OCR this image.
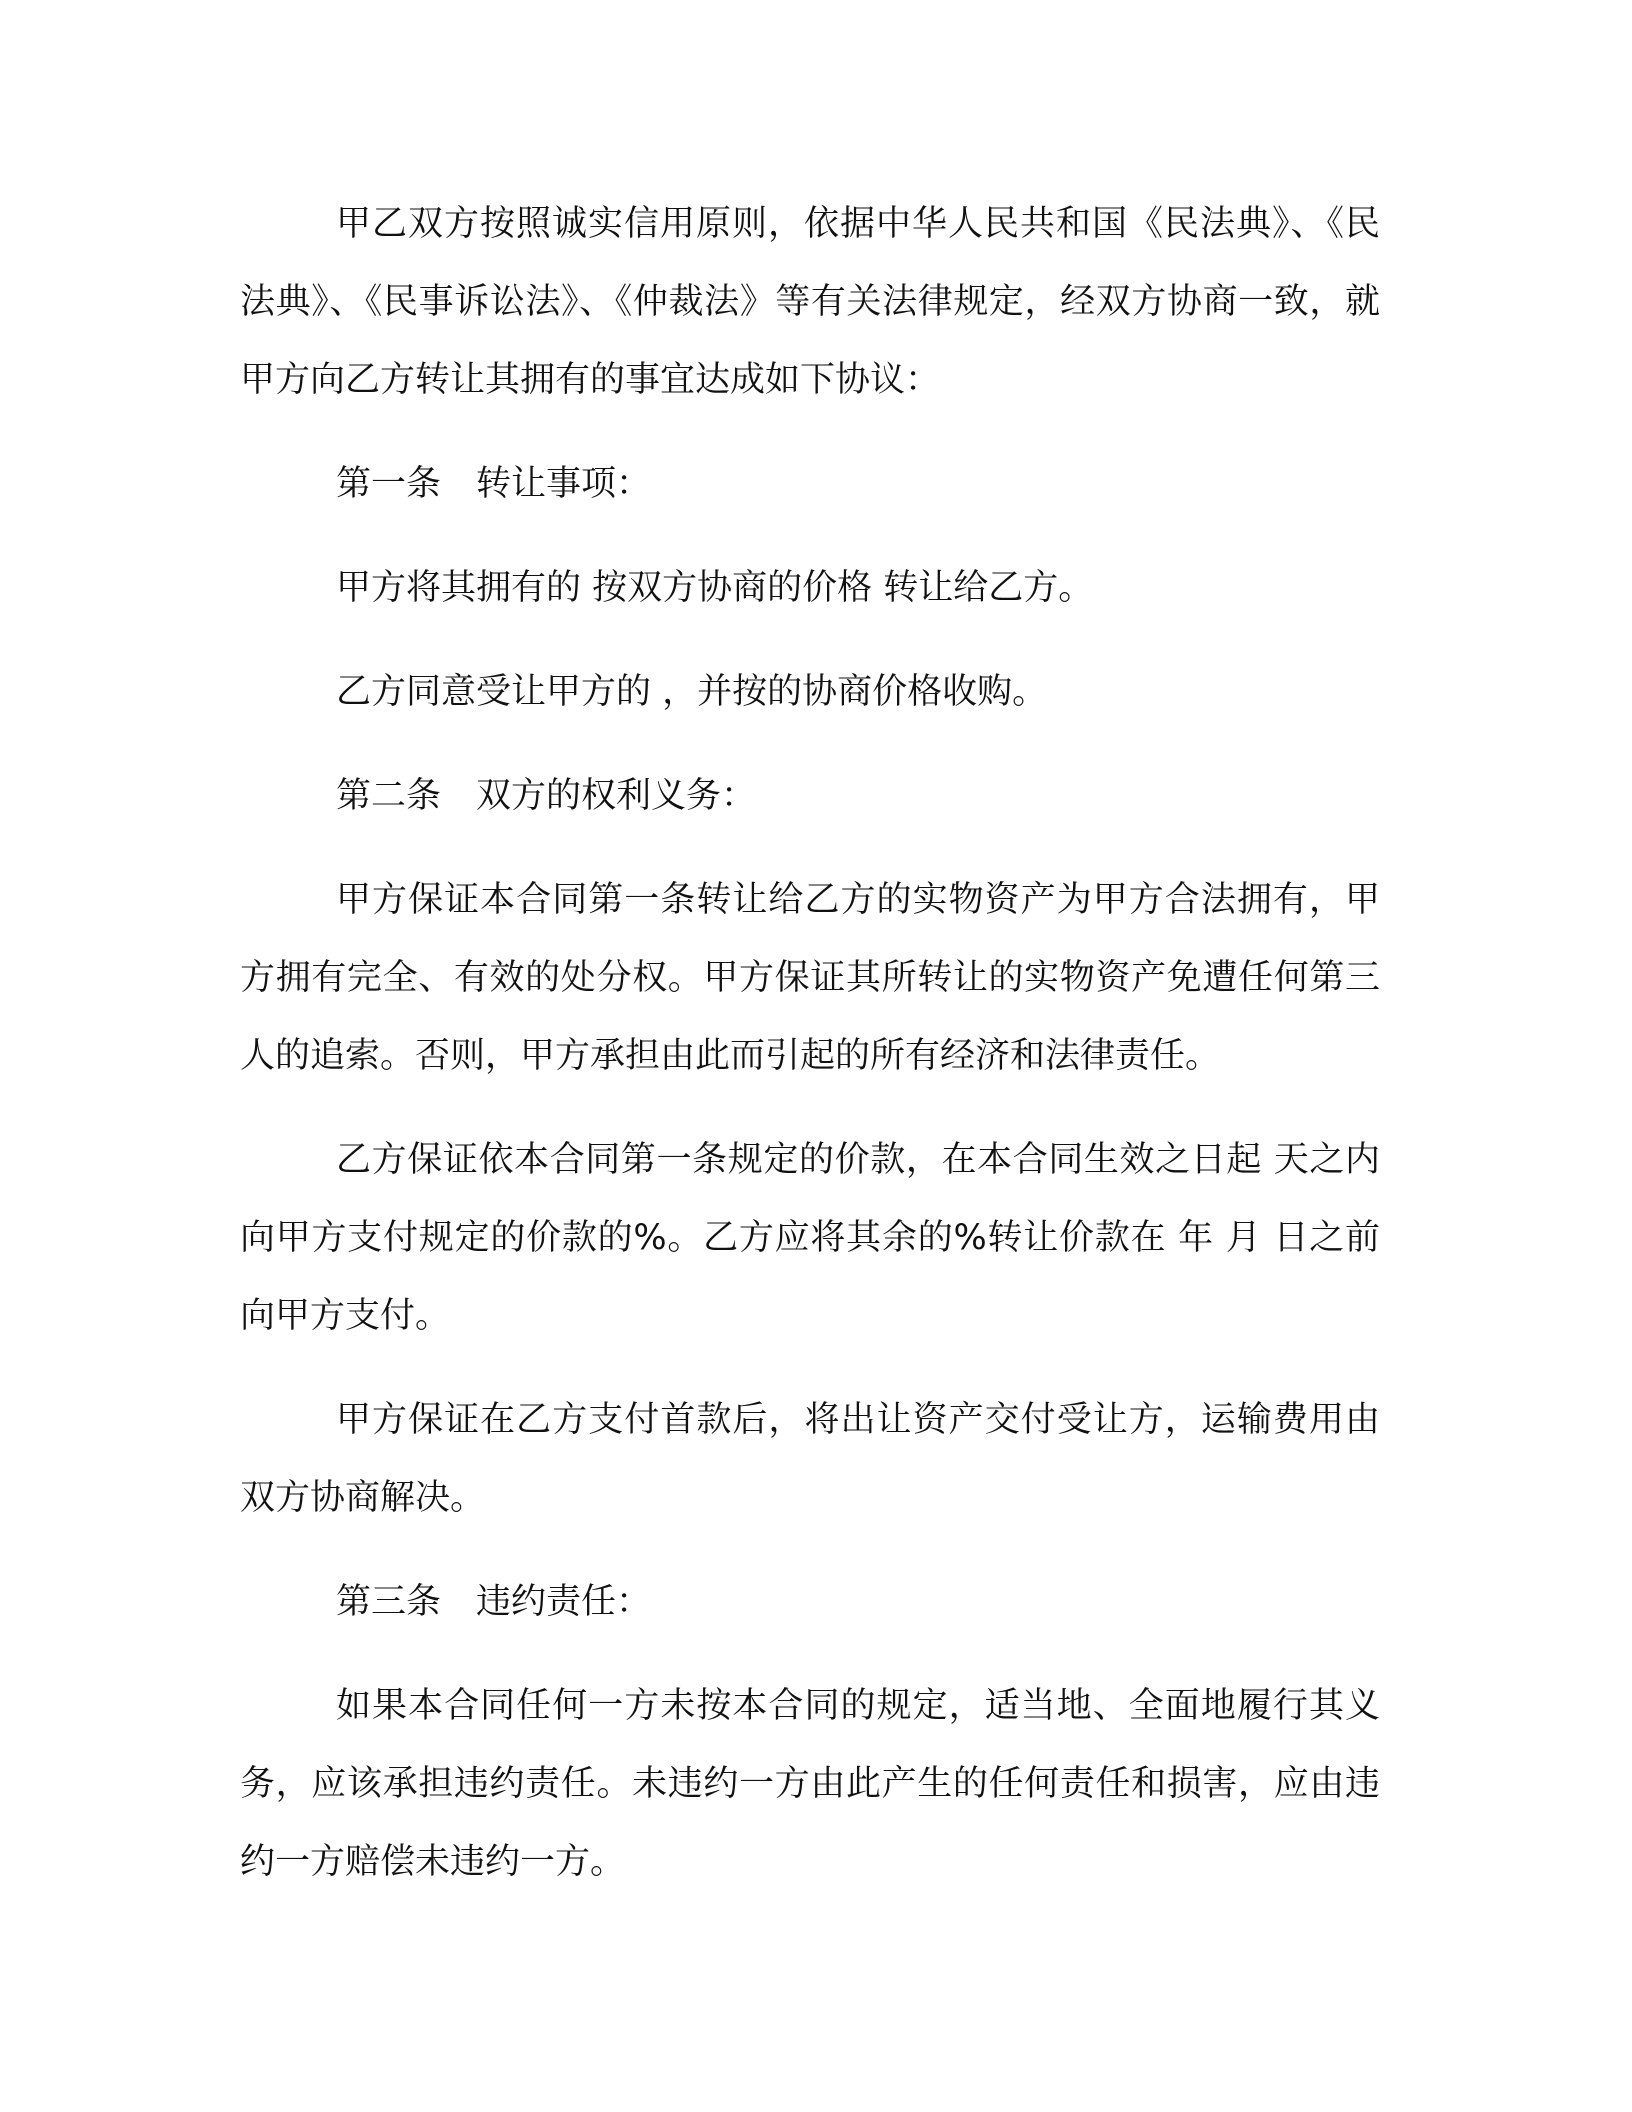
甲乙双方按照诚实信用原则，依据中华人民共和国《民法典》、《民法典》、《民事诉讼法》、《仲裁法》等有关法律规定，经双方协商一致，就甲方向乙方转让其拥有的事宜达成如下协议：

第一条　转让事项：

甲方将其拥有的 按双方协商的价格 转让给乙方。

乙方同意受让甲方的 ，并按的协商价格收购。

第二条　双方的权利义务：

甲方保证本合同第一条转让给乙方的实物资产为甲方合法拥有，甲方拥有完全、有效的处分权。甲方保证其所转让的实物资产免遭任何第三人的追索。否则，甲方承担由此而引起的所有经济和法律责任。

乙方保证依本合同第一条规定的价款，在本合同生效之日起 天之内向甲方支付规定的价款的%。乙方应将其余的%转让价款在 年 月 日之前向甲方支付。

甲方保证在乙方支付首款后，将出让资产交付受让方，运输费用由双方协商解决。

第三条　违约责任：

如果本合同任何一方未按本合同的规定，适当地、全面地履行其义务，应该承担违约责任。未违约一方由此产生的任何责任和损害，应由违约一方赔偿未违约一方。
